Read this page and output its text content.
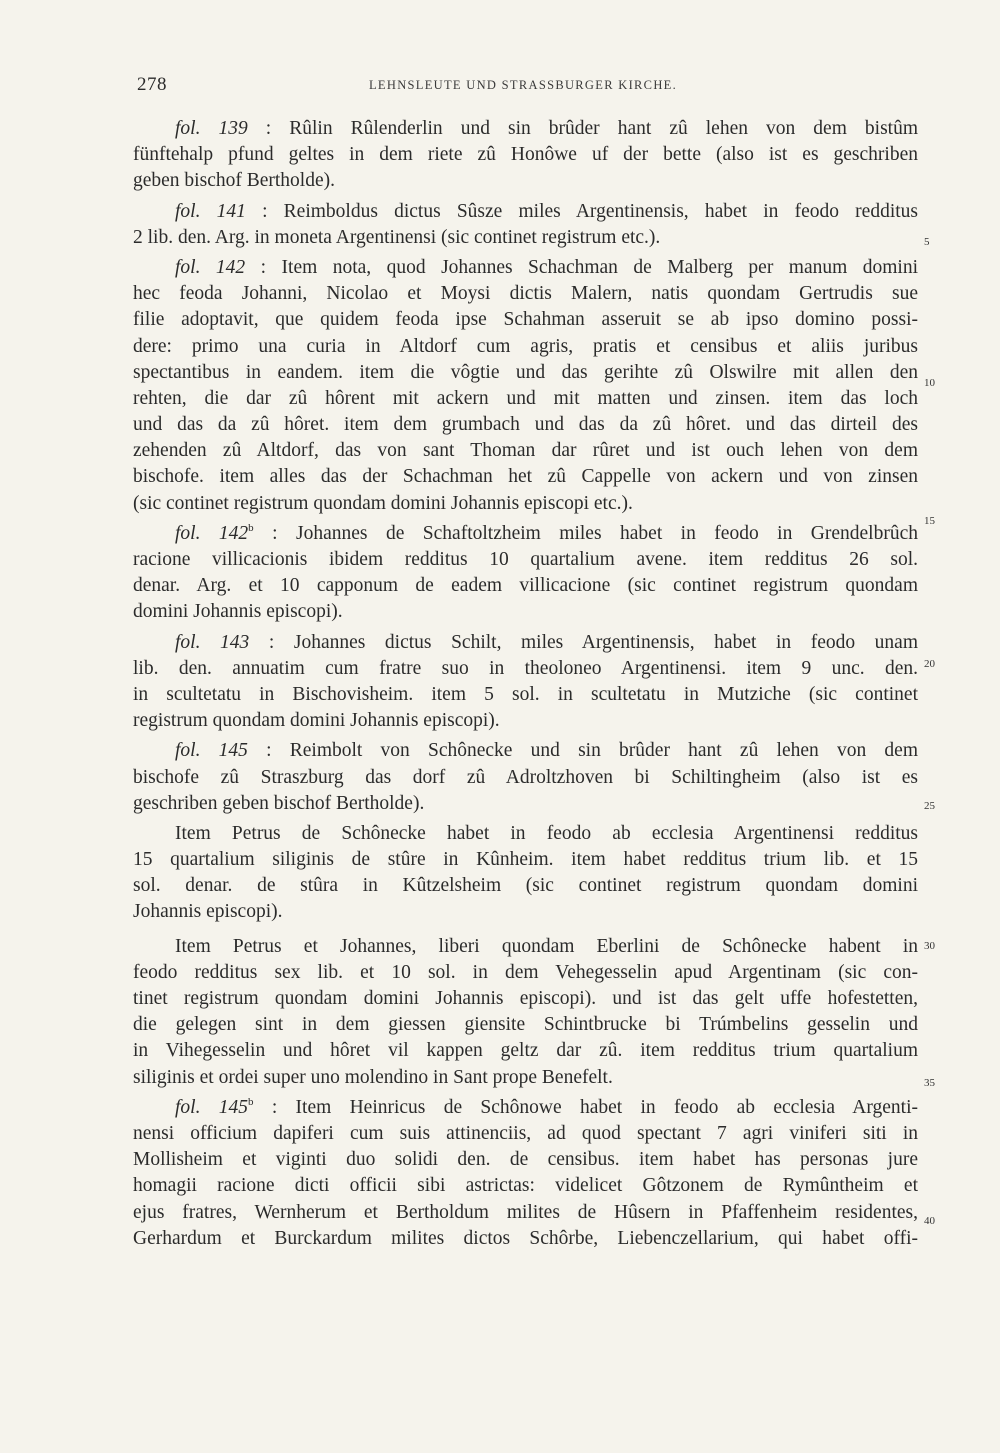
278	LEHNSLEUTE UND STRASSBURGER KIRCHE.
fol. 139 : Rûlin Rûlenderlin und sin brûder hant zû lehen von dem bistûm
fünftehalp pfund geltes in dem riete zû Honôwe uf der bette (also ist es geschriben
geben bischof Bertholde).
fol. 141 : Reimboldus dictus Sûsze miles Argentinensis, habet in feodo redditus
2 lib. den. Arg. in moneta Argentinensi (sic continet registrum etc.).
fol. 142 : Item nota, quod Johannes Schachman de Malberg per manum domini
hec feoda Johanni, Nicolao et Moysi dictis Malern, natis quondam Gertrudis sue
filie adoptavit, que quidem feoda ipse Schahman asseruit se ab ipso domino possi-
dere: primo una curia in Altdorf cum agris, pratis et censibus et aliis juribus
spectantibus in eandem. item die vôgtie und das gerihte zû Olswilre mit allen den
rehten, die dar zû hôrent mit ackern und mit matten und zinsen. item das loch
und das da zû hôret. item dem grumbach und das da zû hôret. und das dirteil des
zehenden zû Altdorf, das von sant Thoman dar rûret und ist ouch lehen von dem
bischofe. item alles das der Schachman het zû Cappelle von ackern und von zinsen
(sic continet registrum quondam domini Johannis episcopi etc.).
fol. 142$^b$ : Johannes de Schaftoltzheim miles habet in feodo in Grendelbrûch
racione villicacionis ibidem redditus 10 quartalium avene. item redditus 26 sol.
denar. Arg. et 10 capponum de eadem villicacione (sic continet registrum quondam
domini Johannis episcopi).
fol. 143 : Johannes dictus Schilt, miles Argentinensis, habet in feodo unam
lib. den. annuatim cum fratre suo in theoloneo Argentinensi. item 9 unc. den.
in sculteta​tu in Bischovisheim. item 5 sol. in sculteta​tu in Mutziche (sic continet
registrum quondam domini Johannis episcopi).
fol. 145 : Reimbolt von Schônecke und sin brûder hant zû lehen von dem
bischofe zû Straszburg das dorf zû Adroltzhoven bi Schiltingheim (also ist es
geschriben geben bischof Bertholde).
Item Petrus de Schônecke habet in feodo ab ecclesia Argentinensi redditus
15 quartalium siliginis de stûre in Kûnheim. item habet redditus trium lib. et 15
sol. denar. de stûra in Kûtzelsheim (sic continet registrum quondam domini
Johannis episcopi).
Item Petrus et Johannes, liberi quondam Eberlini de Schônecke habent in
feodo redditus sex lib. et 10 sol. in dem Vehegesselin apud Argentinam (sic con-
tinet registrum quondam domini Johannis episcopi). und ist das gelt uffe hofestetten,
die gelegen sint in dem giessen giensite Schintbrucke bi Trúmbelins gesselin und
in Vihegesselin und hôret vil kappen geltz dar zû. item redditus trium quartalium
siliginis et ordei super uno molendino in Sant prope Benefelt.
fol. 145$^b$ : Item Heinricus de Schônowe habet in feodo ab ecclesia Argenti-
nensi officium dapiferi cum suis attinenciis, ad quod spectant 7 agri viniferi siti in
Mollisheim et viginti duo solidi den. de censibus. item habet has personas jure
homagii racione dicti officii sibi astrictas: videlicet Gôtzonem de Rymûntheim et
ejus fratres, Wernherum et Bertholdum milites de Hûsern in Pfaffenheim residentes,
Gerhardum et Burckardum milites dictos Schôrbe, Liebenczellarium, qui habet offi-
5
10
15
20
25
30
35
40
